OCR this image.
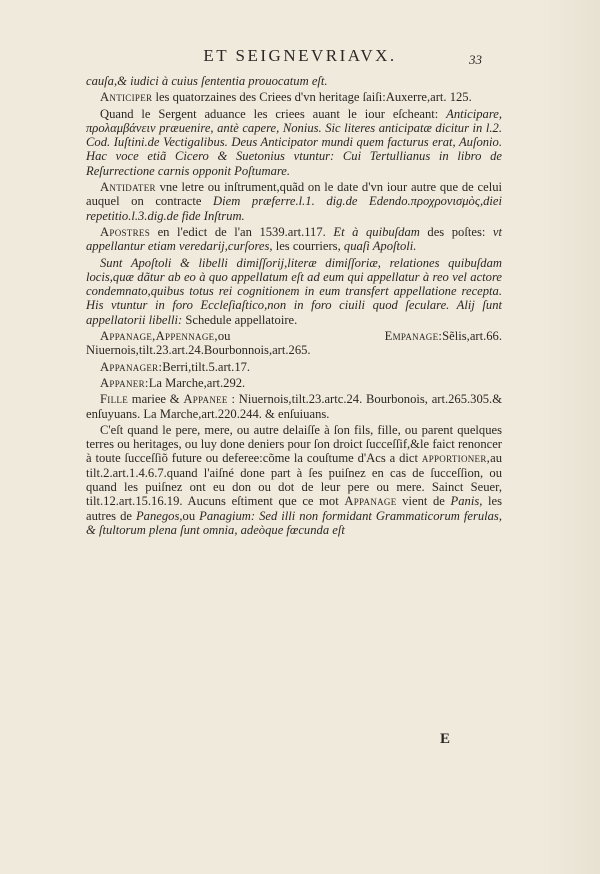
ET SEIGNEVRIAVX.	33

cauſa,& iudici à cuius ſententia prouocatum eſt.

Anticiper les quatorzaines des Criees d'vn heritage ſaiſi:Auxerre,art. 125.

Quand le Sergent aduance les criees auant le iour eſcheant: Anticipare, προλαμβάνειν præuenire, antè capere, Nonius. Sic literes anticipatæ dicitur in l.2. Cod. Iuſtini.de Vectigalibus. Deus Anticipator mundi quem facturus erat, Auſonio. Hac voce etiã Cicero & Suetonius vtuntur: Cui Tertullianus in libro de Reſurrectione carnis opponit Poſtumare.

Antidater vne letre ou inſtrument,quãd on le date d'vn iour autre que de celui auquel on contracte Diem præferre.l.1. dig.de Edendo.προχρονισμὸς,diei repetitio.l.3.dig.de fide Inſtrum.

Apostres en l'edict de l'an 1539.art.117. Et à quibuſdam des poſtes: vt appellantur etiam veredarij,curſores, les courriers, quaſi Apoſtoli.

Sunt Apoſtoli & libelli dimiſſorij,literæ dimiſſoriæ, relationes quibuſdam locis,quæ dãtur ab eo à quo appellatum eſt ad eum qui appellatur à reo vel actore condemnato,quibus totus rei cognitionem in eum transfert appellatione recepta. His vtuntur in foro Eccleſiaſtico,non in foro ciuili quod ſeculare. Alij ſunt appellatorii libelli: Schedule appellatoire.

Appanage,Appennage,ou Empanage:Sẽlis,art.66. Niuernois,tilt.23.art.24.Bourbonnois,art.265.

Appanager:Berri,tilt.5.art.17.

Appaner:La Marche,art.292.

Fille mariee & Appanee : Niuernois,tilt.23.artc.24. Bourbonois, art.265.305.& enſuyuans. La Marche,art.220.244. & enſuiuans.

C'eſt quand le pere, mere, ou autre delaiſſe à ſon fils, fille, ou parent quelques terres ou heritages, ou luy done deniers pour ſon droict ſucceſſif,&le faict renoncer à toute ſucceſſiõ future ou deferee:cõme la couſtume d'Acs a dict apportioner,au tilt.2.art.1.4.6.7.quand l'aiſné done part à ſes puiſnez en cas de ſucceſſion, ou quand les puiſnez ont eu don ou dot de leur pere ou mere. Sainct Seuer, tilt.12.art.15.16.19. Aucuns eſtiment que ce mot Appanage vient de Panis, les autres de Panegos,ou Panagium: Sed illi non formidant Grammaticorum ferulas, & ſtultorum plena ſunt omnia, adeòque fœcunda eſt

E
